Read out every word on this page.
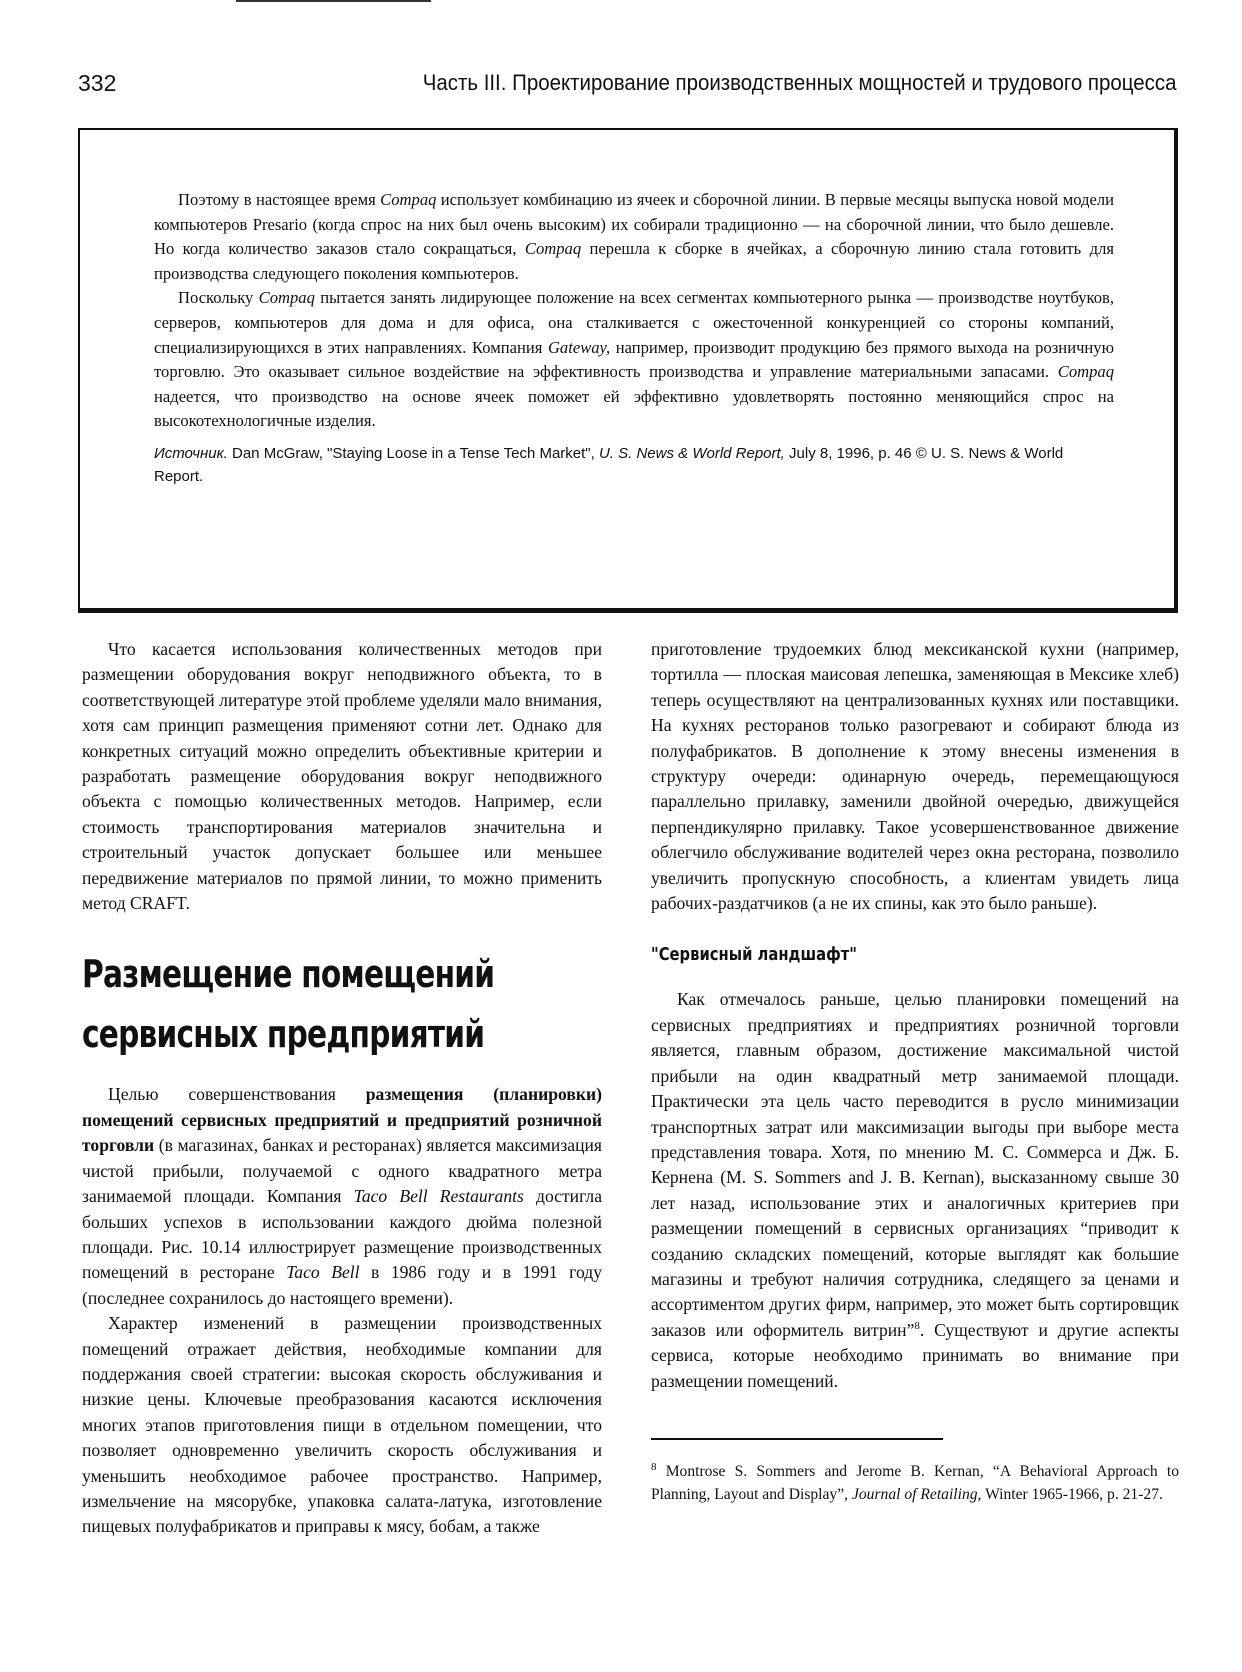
332	Часть III. Проектирование производственных мощностей и трудового процесса

Поэтому в настоящее время Compaq использует комбинацию из ячеек и сборочной линии. В первые месяцы выпуска новой модели компьютеров Presario (когда спрос на них был очень высоким) их собирали традиционно — на сборочной линии, что было дешевле. Но когда количество заказов стало сокращаться, Compaq перешла к сборке в ячейках, а сборочную линию стала готовить для производства следующего поколения компьютеров.

Поскольку Compaq пытается занять лидирующее положение на всех сегментах компьютерного рынка — производстве ноутбуков, серверов, компьютеров для дома и для офиса, она сталкивается с ожесточенной конкуренцией со стороны компаний, специализирующихся в этих направлениях. Компания Gateway, например, производит продукцию без прямого выхода на розничную торговлю. Это оказывает сильное воздействие на эффективность производства и управление материальными запасами. Compaq надеется, что производство на основе ячеек поможет ей эффективно удовлетворять постоянно меняющийся спрос на высокотехнологичные изделия.

Источник. Dan McGraw, "Staying Loose in a Tense Tech Market", U. S. News & World Report, July 8, 1996, p. 46 © U. S. News & World Report.

Что касается использования количественных методов при размещении оборудования вокруг неподвижного объекта, то в соответствующей литературе этой проблеме уделяли мало внимания, хотя сам принцип размещения применяют сотни лет. Однако для конкретных ситуаций можно определить объективные критерии и разработать размещение оборудования вокруг неподвижного объекта с помощью количественных методов. Например, если стоимость транспортирования материалов значительна и строительный участок допускает большее или меньшее передвижение материалов по прямой линии, то можно применить метод CRAFT.

Размещение помещений сервисных предприятий

Целью совершенствования размещения (планировки) помещений сервисных предприятий и предприятий розничной торговли (в магазинах, банках и ресторанах) является максимизация чистой прибыли, получаемой с одного квадратного метра занимаемой площади. Компания Taco Bell Restaurants достигла больших успехов в использовании каждого дюйма полезной площади. Рис. 10.14 иллюстрирует размещение производственных помещений в ресторане Taco Bell в 1986 году и в 1991 году (последнее сохранилось до настоящего времени).

Характер изменений в размещении производственных помещений отражает действия, необходимые компании для поддержания своей стратегии: высокая скорость обслуживания и низкие цены. Ключевые преобразования касаются исключения многих этапов приготовления пищи в отдельном помещении, что позволяет одновременно увеличить скорость обслуживания и уменьшить необходимое рабочее пространство. Например, измельчение на мясорубке, упаковка салата-латука, изготовление пищевых полуфабрикатов и приправы к мясу, бобам, а также

приготовление трудоемких блюд мексиканской кухни (например, тортилла — плоская маисовая лепешка, заменяющая в Мексике хлеб) теперь осуществляют на централизованных кухнях или поставщики. На кухнях ресторанов только разогревают и собирают блюда из полуфабрикатов. В дополнение к этому внесены изменения в структуру очереди: одинарную очередь, перемещающуюся параллельно прилавку, заменили двойной очередью, движущейся перпендикулярно прилавку. Такое усовершенствованное движение облегчило обслуживание водителей через окна ресторана, позволило увеличить пропускную способность, а клиентам увидеть лица рабочих-раздатчиков (а не их спины, как это было раньше).

"Сервисный ландшафт"

Как отмечалось раньше, целью планировки помещений на сервисных предприятиях и предприятиях розничной торговли является, главным образом, достижение максимальной чистой прибыли на один квадратный метр занимаемой площади. Практически эта цель часто переводится в русло минимизации транспортных затрат или максимизации выгоды при выборе места представления товара. Хотя, по мнению М. С. Соммерса и Дж. Б. Кернена (M. S. Sommers and J. B. Kernan), высказанному свыше 30 лет назад, использование этих и аналогичных критериев при размещении помещений в сервисных организациях “приводит к созданию складских помещений, которые выглядят как большие магазины и требуют наличия сотрудника, следящего за ценами и ассортиментом других фирм, например, это может быть сортировщик заказов или оформитель витрин”$^8$. Существуют и другие аспекты сервиса, которые необходимо принимать во внимание при размещении помещений.

$^8$ Montrose S. Sommers and Jerome B. Kernan, “A Behavioral Approach to Planning, Layout and Display”, Journal of Retailing, Winter 1965-1966, p. 21-27.
